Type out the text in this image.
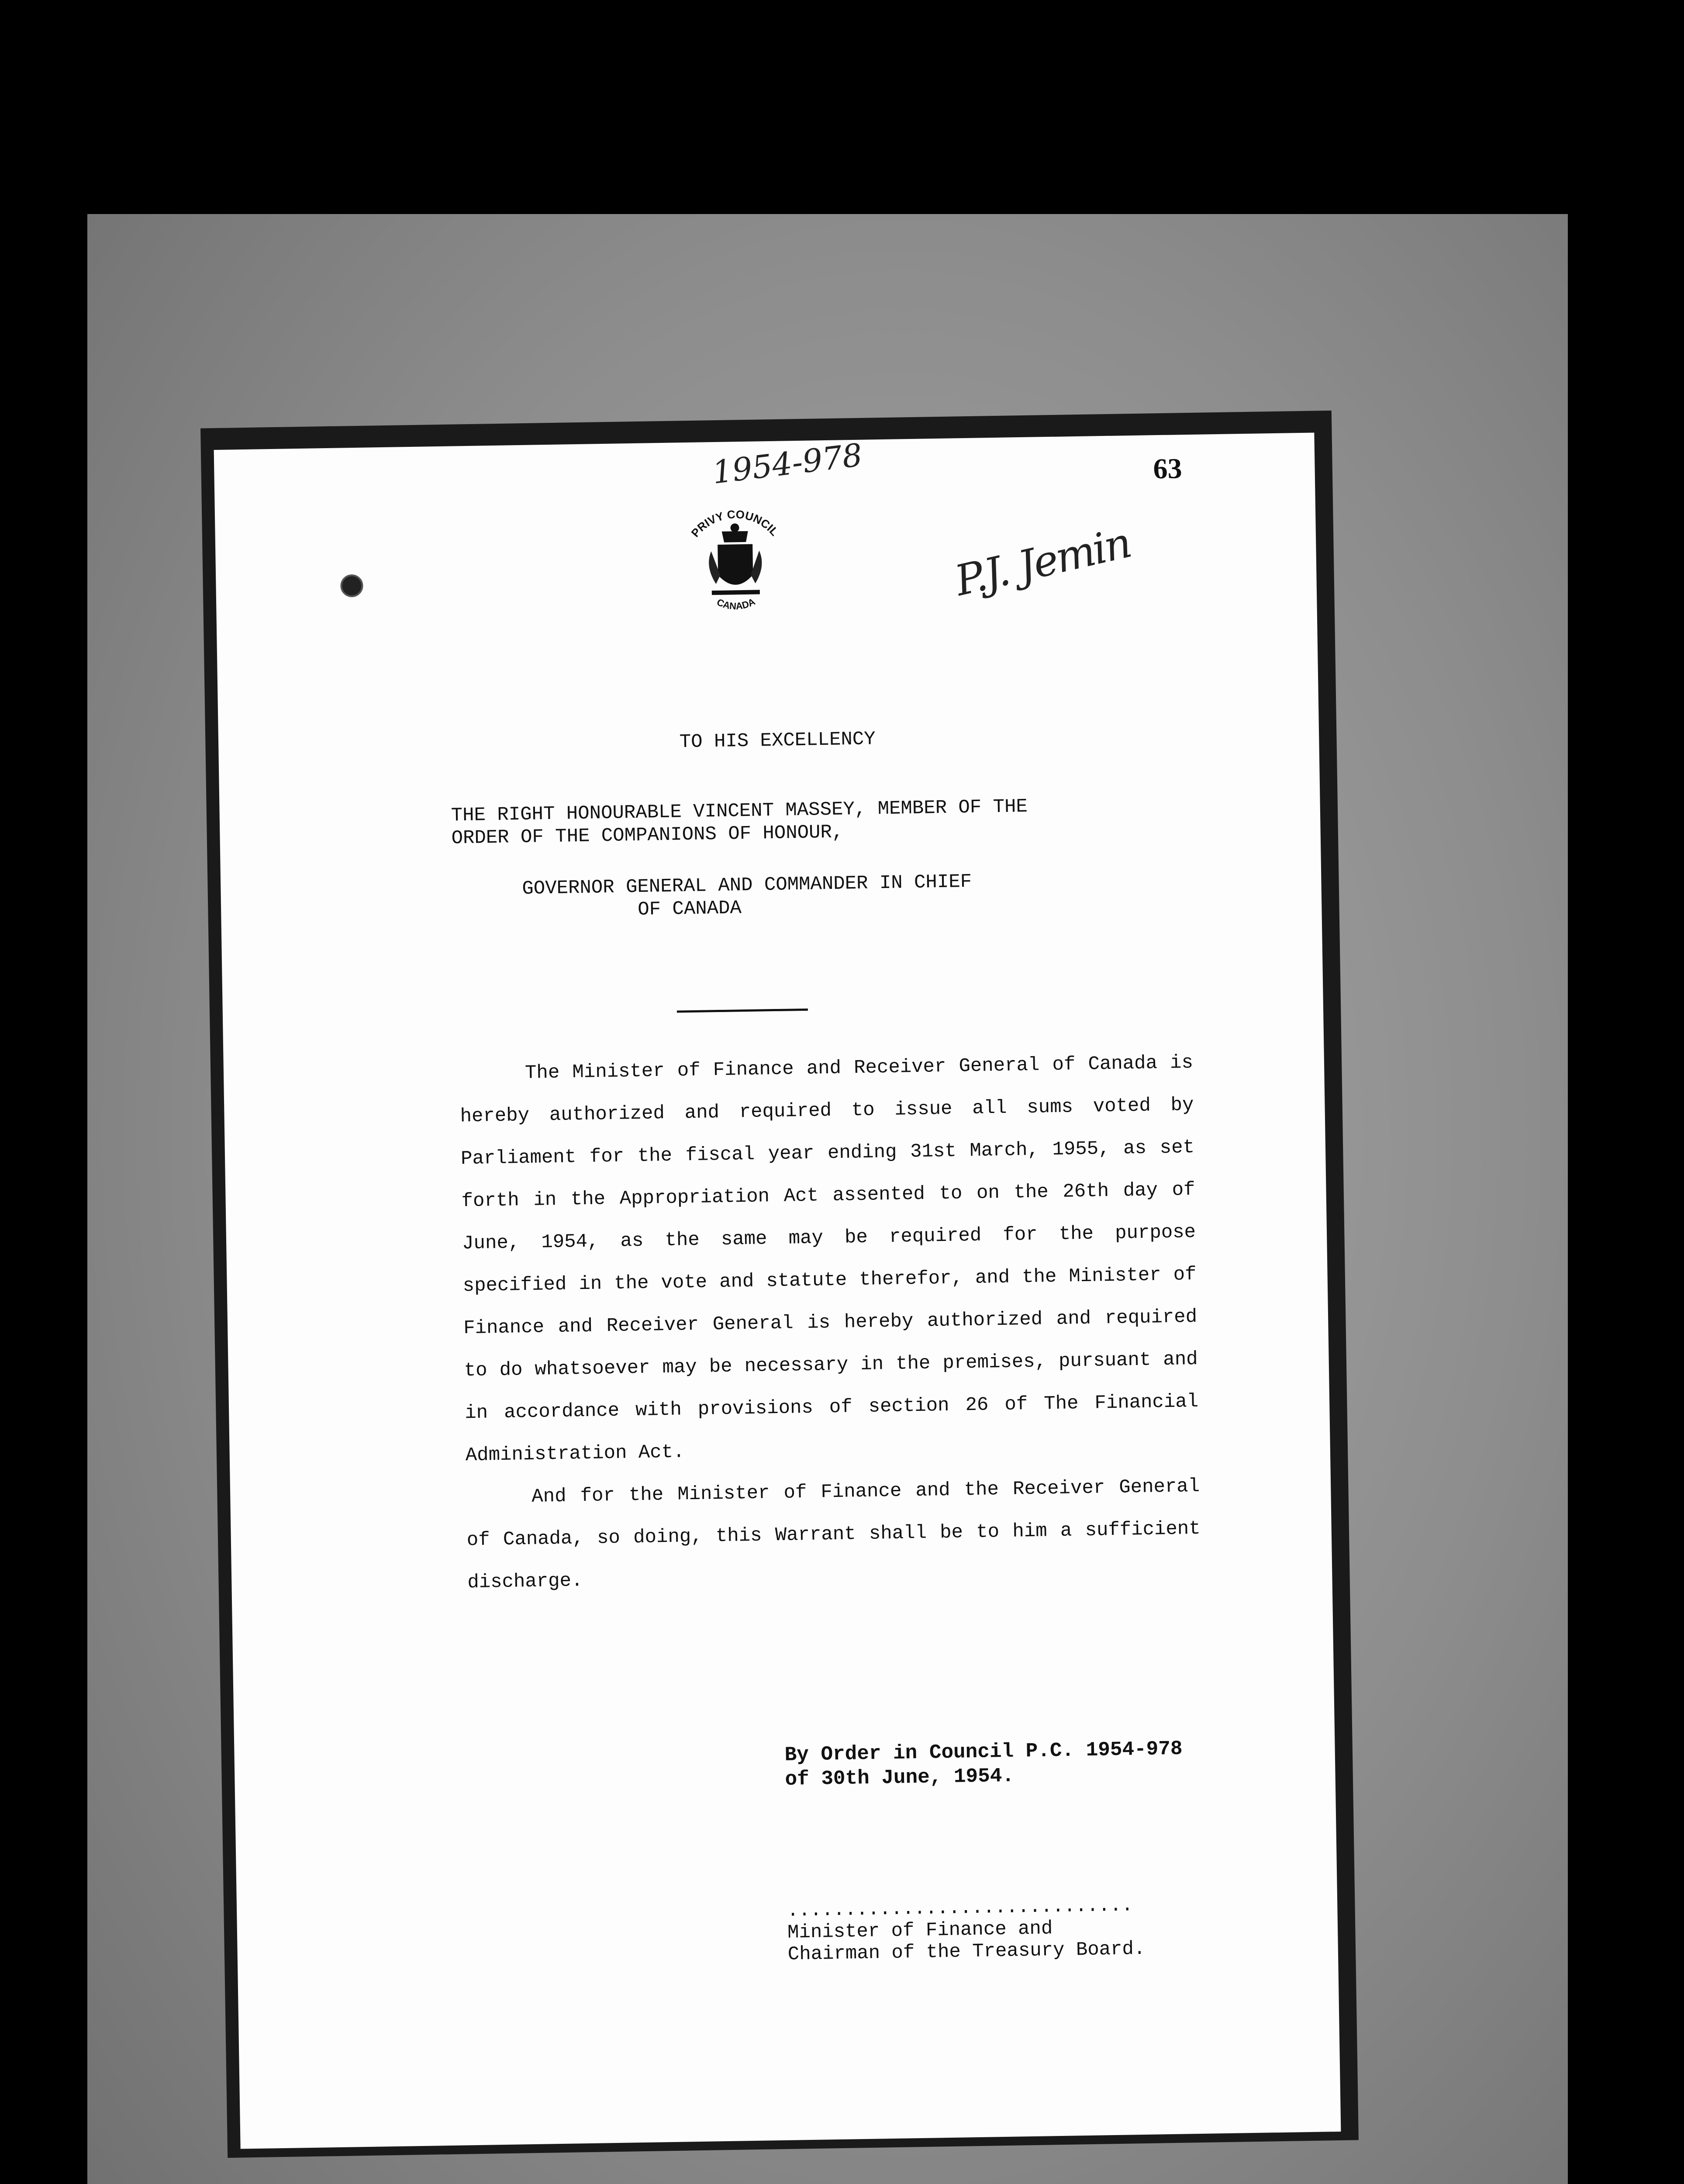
1954-978	63
P.J. Jemin
PRIVY COUNCIL
CANADA
TO HIS EXCELLENCY
THE RIGHT HONOURABLE VINCENT MASSEY, MEMBER OF THE
ORDER OF THE COMPANIONS OF HONOUR,
GOVERNOR GENERAL AND COMMANDER IN CHIEF
OF CANADA

The Minister of Finance and Receiver General of Canada is hereby authorized and required to issue all sums voted by Parliament for the fiscal year ending 31st March, 1955, as set forth in the Appropriation Act assented to on the 26th day of June, 1954, as the same may be required for the purpose specified in the vote and statute therefor, and the Minister of Finance and Receiver General is hereby authorized and required to do whatsoever may be necessary in the premises, pursuant and in accordance with provisions of section 26 of The Financial Administration Act.

And for the Minister of Finance and the Receiver General of Canada, so doing, this Warrant shall be to him a sufficient discharge.

By Order in Council P.C. 1954-978
of 30th June, 1954.
..............................
Minister of Finance and
Chairman of the Treasury Board.
